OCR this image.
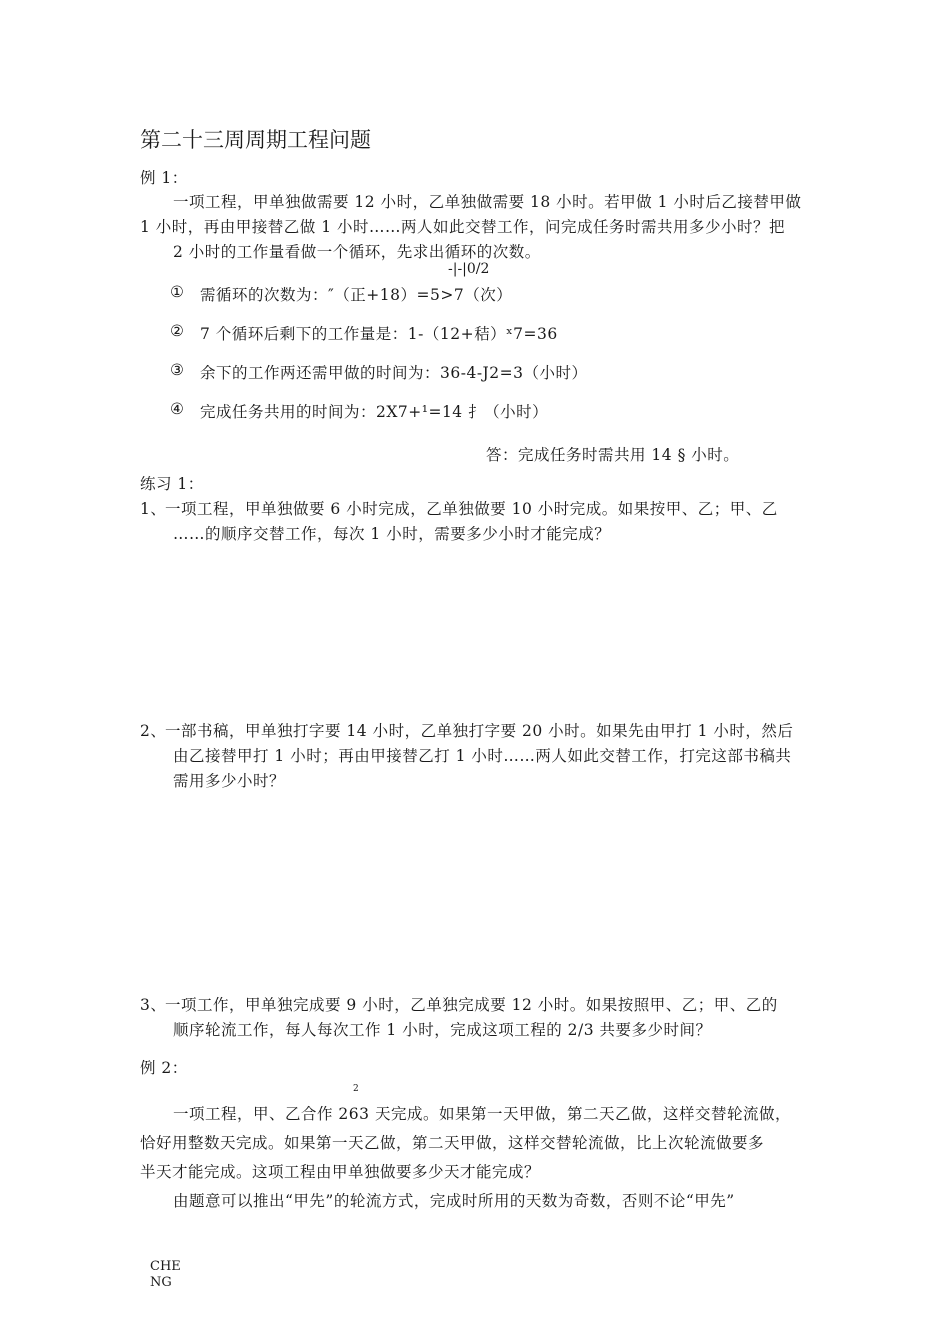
第二十三周周期工程问题
例 1：
一项工程，甲单独做需要 12 小时，乙单独做需要 18 小时。若甲做 1 小时后乙接替甲做
1 小时，再由甲接替乙做 1 小时……两人如此交替工作，问完成任务时需共用多少小时？把
2 小时的工作量看做一个循环，先求出循环的次数。
-|-|0/2
① 需循环的次数为：″（正+18）=5>7（次）
② 7 个循环后剩下的工作量是：1-（12+秸）ˣ7=36
③ 余下的工作两还需甲做的时间为：36-4-J2=3（小时）
④ 完成任务共用的时间为：2X7+¹=14 扌（小时）
答：完成任务时需共用 14 § 小时。
练习 1：
1、
一项工程，甲单独做要 6 小时完成，乙单独做要 10 小时完成。如果按甲、乙；甲、乙
……的顺序交替工作，每次 1 小时，需要多少小时才能完成？
2、
一部书稿，甲单独打字要 14 小时，乙单独打字要 20 小时。如果先由甲打 1 小时，然后
由乙接替甲打 1 小时；再由甲接替乙打 1 小时……两人如此交替工作，打完这部书稿共
需用多少小时？
3、
一项工作，甲单独完成要 9 小时，乙单独完成要 12 小时。如果按照甲、乙；甲、乙的
顺序轮流工作，每人每次工作 1 小时，完成这项工程的 2/3 共要多少时间？
例 2：
2
一项工程，甲、乙合作 263 天完成。如果第一天甲做，第二天乙做，这样交替轮流做，
恰好用整数天完成。如果第一天乙做，第二天甲做，这样交替轮流做，比上次轮流做要多
半天才能完成。这项工程由甲单独做要多少天才能完成？
由题意可以推出“甲先”的轮流方式，完成时所用的天数为奇数，否则不论“甲先”
CHENG
